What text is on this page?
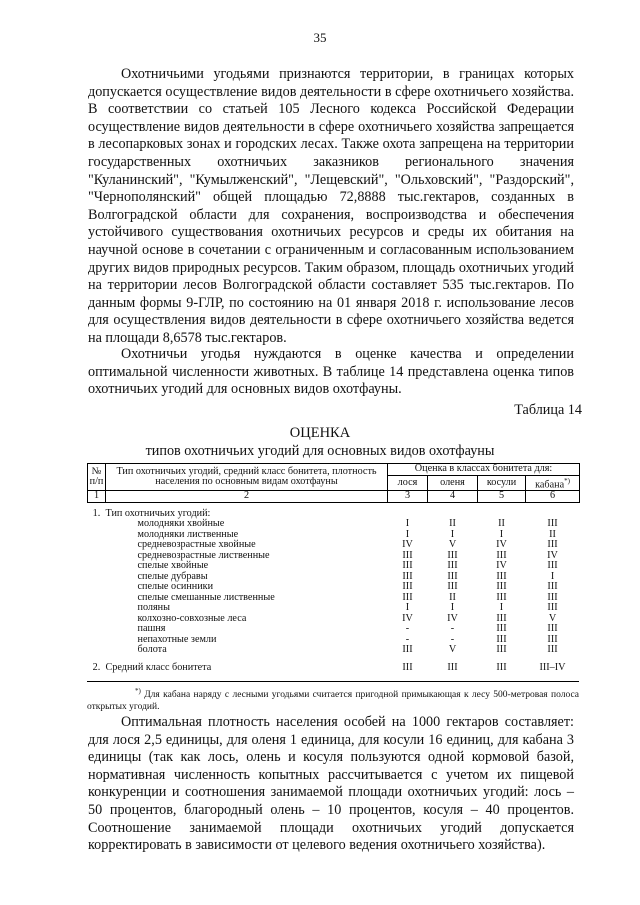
35

Охотничьими угодьями признаются территории, в границах которых допускается осуществление видов деятельности в сфере охотничьего хозяйства. В соответствии со статьей 105 Лесного кодекса Российской Федерации осуществление видов деятельности в сфере охотничьего хозяйства запрещается в лесопарковых зонах и городских лесах. Также охота запрещена на территории государственных охотничьих заказников регионального значения "Куланинский", "Кумылженский", "Лещевский", "Ольховский", "Раздорский", "Чернополянский" общей площадью 72,8888 тыс.гектаров, созданных в Волгоградской области для сохранения, воспроизводства и обеспечения устойчивого существования охотничьих ресурсов и среды их обитания на научной основе в сочетании с ограниченным и согласованным использованием других видов природных ресурсов. Таким образом, площадь охотничьих угодий на территории лесов Волгоградской области составляет 535 тыс.гектаров. По данным формы 9-ГЛР, по состоянию на 01 января 2018 г. использование лесов для осуществления видов деятельности в сфере охотничьего хозяйства ведется на площади 8,6578 тыс.гектаров.

Охотничьи угодья нуждаются в оценке качества и определении оптимальной численности животных. В таблице 14 представлена оценка типов охотничьих угодий для основных видов охотфауны.

Таблица 14
ОЦЕНКА
типов охотничьих угодий для основных видов охотфауны
№ п/п	Тип охотничьих угодий, средний класс бонитета, плотность населения по основным видам охотфауны	Оценка в классах бонитета для:			
		лося	оленя	косули	кабана*)
1	2	3	4	5	6
1.	Тип охотничьих угодий:				
	молодняки хвойные	I	II	II	III
	молодняки лиственные	I	I	I	II
	средневозрастные хвойные	IV	V	IV	III
	средневозрастные лиственные	III	III	III	IV
	спелые хвойные	III	III	IV	III
	спелые дубравы	III	III	III	I
	спелые осинники	III	III	III	III
	спелые смешанные лиственные	III	II	III	III
	поляны	I	I	I	III
	колхозно-совхозные леса	IV	IV	III	V
	пашня	-	-	III	III
	непахотные земли	-	-	III	III
	болота	III	V	III	III
2.	Средний класс бонитета	III	III	III	III–IV
*) Для кабана наряду с лесными угодьями считается пригодной примыкающая к лесу 500-метровая полоса открытых угодий.

Оптимальная плотность населения особей на 1000 гектаров составляет: для лося 2,5 единицы, для оленя 1 единица, для косули 16 единиц, для кабана 3 единицы (так как лось, олень и косуля пользуются одной кормовой базой, нормативная численность копытных рассчитывается с учетом их пищевой конкуренции и соотношения занимаемой площади охотничьих угодий: лось – 50 процентов, благородный олень – 10 процентов, косуля – 40 процентов. Соотношение занимаемой площади охотничьих угодий допускается корректировать в зависимости от целевого ведения охотничьего хозяйства).
